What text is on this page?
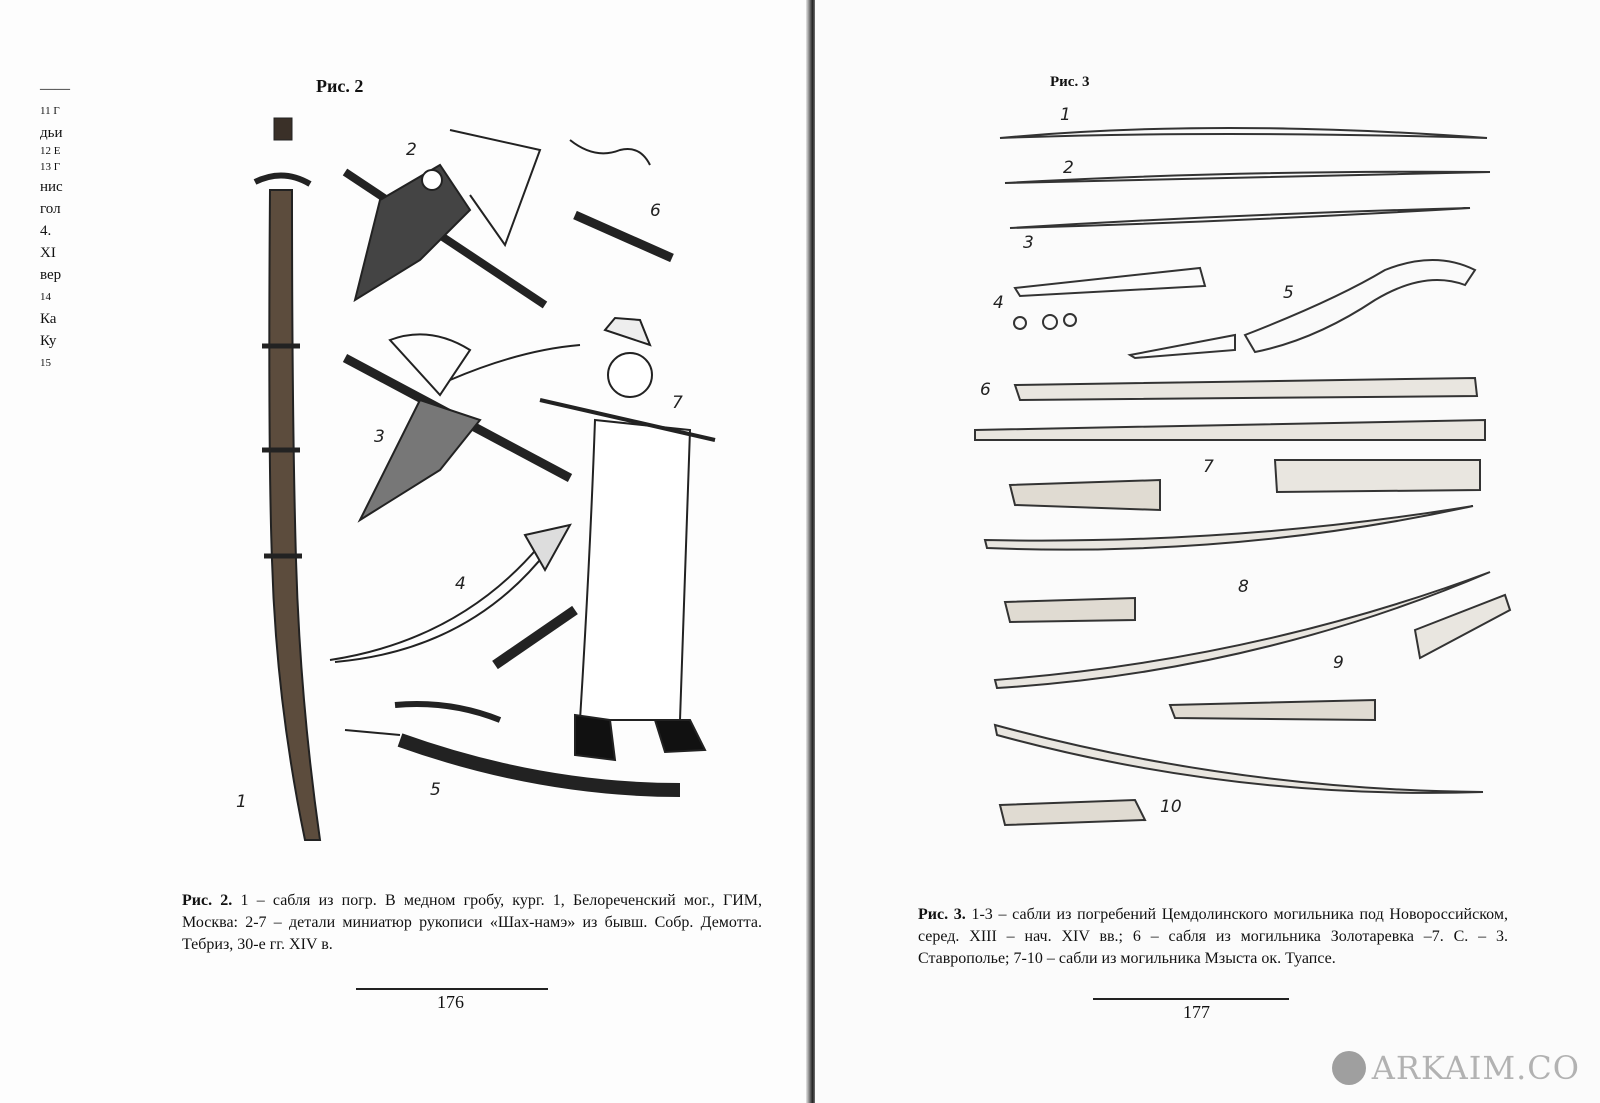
——
11 Г
дьи
12 Е
13 Г
нис
гол
4.
XI
вер
14
Ка
Ку
15
Рис. 2
1
2
3
4
5
6
7
Рис. 2. 1 – сабля из погр. В медном гробу, кург. 1, Белореченский мог., ГИМ, Москва: 2-7 – детали миниатюр рукописи «Шах-намэ» из бывш. Собр. Демотта. Тебриз, 30-е гг. XIV в.
176
Рис. 3
1
2
3
4	5
6
7
8
9
10
Рис. 3. 1-3 – сабли из погребений Цемдолинского могильника под Новороссийском, серед. XIII – нач. XIV вв.; 6 – сабля из могильника Золотаревка –7. С. – 3. Ставрополье; 7-10 – сабли из могильника Мзыста ок. Туапсе.
177
ARKAIM.CO
